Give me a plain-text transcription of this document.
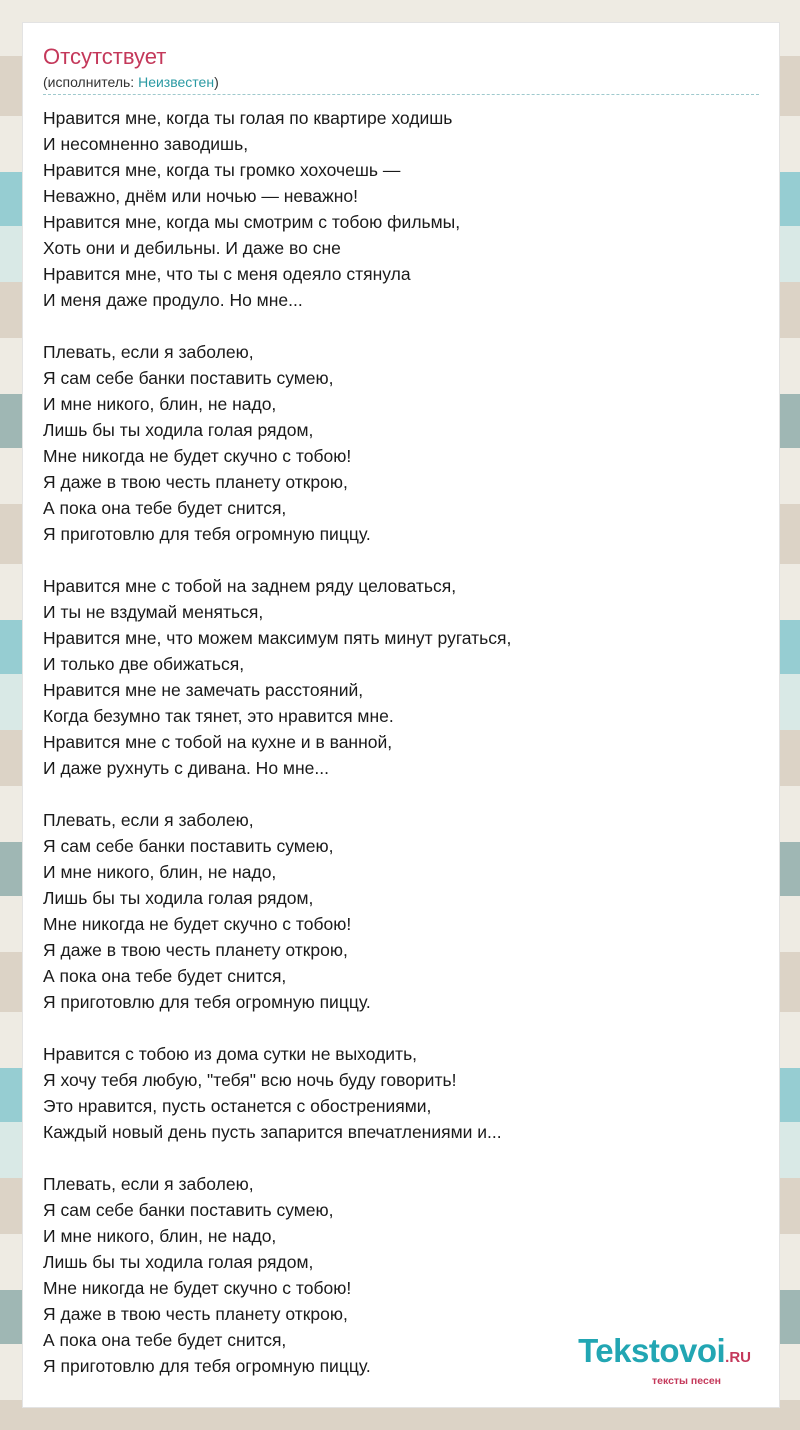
Отсутствует
(исполнитель: Неизвестен)
Нравится мне, когда ты голая по квартире ходишь
И несомненно заводишь,
Нравится мне, когда ты громко хохочешь —
Неважно, днём или ночью — неважно!
Нравится мне, когда мы смотрим с тобою фильмы,
Хоть они и дебильны. И даже во сне
Нравится мне, что ты с меня одеяло стянула
И меня даже продуло. Но мне...
Плевать, если я заболею,
Я сам себе банки поставить сумею,
И мне никого, блин, не надо,
Лишь бы ты ходила голая рядом,
Мне никогда не будет скучно с тобою!
Я даже в твою честь планету открою,
А пока она тебе будет снится,
Я приготовлю для тебя огромную пиццу.
Нравится мне с тобой на заднем ряду целоваться,
И ты не вздумай меняться,
Нравится мне, что можем максимум пять минут ругаться,
И только две обижаться,
Нравится мне не замечать расстояний,
Когда безумно так тянет, это нравится мне.
Нравится мне с тобой на кухне и в ванной,
И даже рухнуть с дивана. Но мне...
Плевать, если я заболею,
Я сам себе банки поставить сумею,
И мне никого, блин, не надо,
Лишь бы ты ходила голая рядом,
Мне никогда не будет скучно с тобою!
Я даже в твою честь планету открою,
А пока она тебе будет снится,
Я приготовлю для тебя огромную пиццу.
Нравится с тобою из дома сутки не выходить,
Я хочу тебя любую, "тебя" всю ночь буду говорить!
Это нравится, пусть останется с обострениями,
Каждый новый день пусть запарится впечатлениями и...
Плевать, если я заболею,
Я сам себе банки поставить сумею,
И мне никого, блин, не надо,
Лишь бы ты ходила голая рядом,
Мне никогда не будет скучно с тобою!
Я даже в твою честь планету открою,
А пока она тебе будет снится,
Я приготовлю для тебя огромную пиццу.	Tekstovoi.RU
тексты песен
